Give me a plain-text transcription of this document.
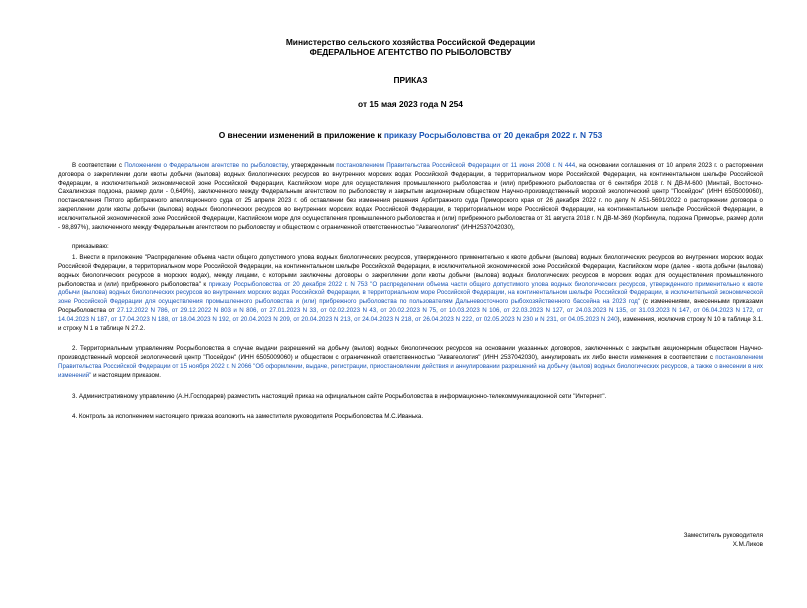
Министерство сельского хозяйства Российской Федерации
ФЕДЕРАЛЬНОЕ АГЕНТСТВО ПО РЫБОЛОВСТВУ
ПРИКАЗ
от 15 мая 2023 года N 254
О внесении изменений в приложение к приказу Росрыболовства от 20 декабря 2022 г. N 753

В соответствии с Положением о Федеральном агентстве по рыболовству, утвержденным постановлением Правительства Российской Федерации от 11 июня 2008 г. N 444, на основании соглашения от 10 апреля 2023 г. о расторжении договора о закреплении доли квоты добычи (вылова) водных биологических ресурсов во внутренних морских водах Российской Федерации, в территориальном море Российской Федерации, на континентальном шельфе Российской Федерации, в исключительной экономической зоне Российской Федерации, Каспийском море для осуществления промышленного рыболовства и (или) прибрежного рыболовства от 6 сентября 2018 г. N ДВ-М-600 (Минтай, Восточно-Сахалинская подзона, размер доли - 0,649%), заключенного между Федеральным агентством по рыболовству и закрытым акционерным обществом Научно-производственный морской экологический центр "Посейдон" (ИНН 6505009060), постановления Пятого арбитражного апелляционного суда от 25 апреля 2023 г. об оставлении без изменения решения Арбитражного суда Приморского края от 26 декабря 2022 г. по делу N А51-5691/2022 о расторжении договора о закреплении доли квоты добычи (вылова) водных биологических ресурсов во внутренних морских водах Российской Федерации, в территориальном море Российской Федерации, на континентальном шельфе Российской Федерации, в исключительной экономической зоне Российской Федерации, Каспийском море для осуществления промышленного рыболовства и (или) прибрежного рыболовства от 31 августа 2018 г. N ДВ-М-369 (Корбикула, подзона Приморье, размер доли - 98,897%), заключенного между Федеральным агентством по рыболовству и обществом с ограниченной ответственностью "Аквагеология" (ИНН2537042030),

приказываю:

1. Внести в приложение "Распределение объема части общего допустимого улова водных биологических ресурсов, утвержденного применительно к квоте добычи (вылова) водных биологических ресурсов во внутренних морских водах Российской Федерации, в территориальном море Российской Федерации, на континентальном шельфе Российской Федерации, в исключительной экономической зоне Российской Федерации, Каспийском море (далее - квота добычи (вылова) водных биологических ресурсов в морских водах), между лицами, с которыми заключены договоры о закреплении доли квоты добычи (вылова) водных биологических ресурсов в морских водах для осуществления промышленного рыболовства и (или) прибрежного рыболовства" к приказу Росрыболовства от 20 декабря 2022 г. N 753 "О распределении объема части общего допустимого улова водных биологических ресурсов, утвержденного применительно к квоте добычи (вылова) водных биологических ресурсов во внутренних морских водах Российской Федерации, в территориальном море Российской Федерации, на континентальном шельфе Российской Федерации, в исключительной экономической зоне Российской Федерации для осуществления промышленного рыболовства и (или) прибрежного рыболовства по пользователям Дальневосточного рыбохозяйственного бассейна на 2023 год" (с изменениями, внесенными приказами Росрыболовства от 27.12.2022 N 786, от 29.12.2022 N 803 и N 806, от 27.01.2023 N 33, от 02.02.2023 N 43, от 20.02.2023 N 75, от 10.03.2023 N 106, от 22.03.2023 N 127, от 24.03.2023 N 135, от 31.03.2023 N 147, от 06.04.2023 N 172, от 14.04.2023 N 187, от 17.04.2023 N 188, от 18.04.2023 N 192, от 20.04.2023 N 209, от 20.04.2023 N 213, от 24.04.2023 N 218, от 26.04.2023 N 222, от 02.05.2023 N 230 и N 231, от 04.05.2023 N 240), изменения, исключив строку N 10 в таблице 3.1. и строку N 1 в таблице N 27.2.

2. Территориальным управлениям Росрыболовства в случае выдачи разрешений на добычу (вылов) водных биологических ресурсов на основании указанных договоров, заключенных с закрытым акционерным обществом Научно-производственный морской экологический центр "Посейдон" (ИНН 6505009060) и обществом с ограниченной ответственностью "Аквагеология" (ИНН 2537042030), аннулировать их либо внести изменения в соответствии с постановлением Правительства Российской Федерации от 15 ноября 2022 г. N 2066 "Об оформлении, выдаче, регистрации, приостановлении действия и аннулировании разрешений на добычу (вылов) водных биологических ресурсов, а также о внесении в них изменений" и настоящим приказом.

3. Административному управлению (А.Н.Господарев) разместить настоящий приказ на официальном сайте Росрыболовства в информационно-телекоммуникационной сети "Интернет".

4. Контроль за исполнением настоящего приказа возложить на заместителя руководителя Росрыболовства М.С.Иванька.

Заместитель руководителя
Х.М.Ликов
